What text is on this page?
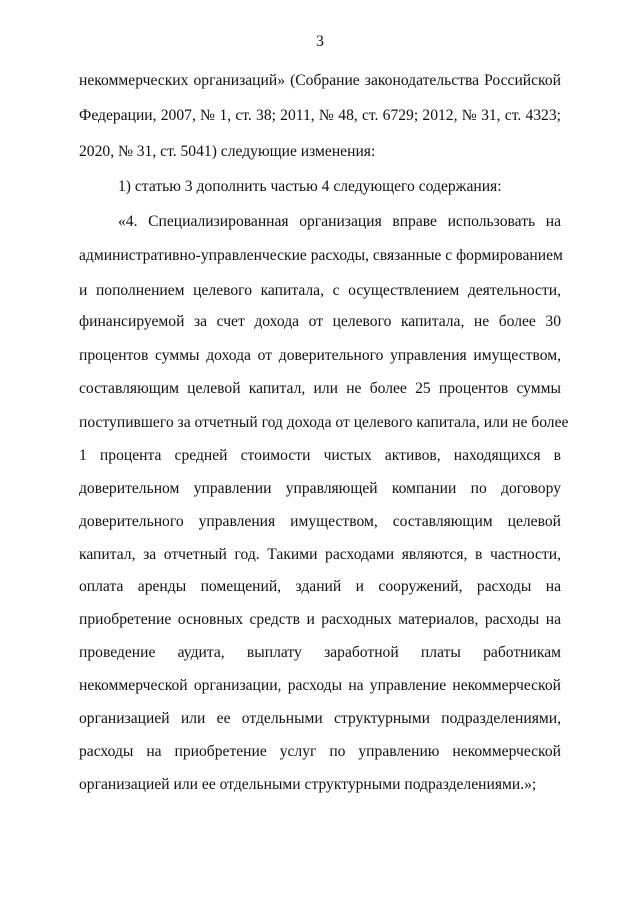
3
некоммерческих организаций» (Собрание законодательства Российской
Федерации, 2007, № 1, ст. 38; 2011, № 48, ст. 6729; 2012, № 31, ст. 4323;
2020, № 31, ст. 5041) следующие изменения:
1) статью 3 дополнить частью 4 следующего содержания:
«4. Специализированная организация вправе использовать на
административно-управленческие расходы, связанные с формированием
и пополнением целевого капитала, с осуществлением деятельности,
финансируемой за счет дохода от целевого капитала, не более 30
процентов суммы дохода от доверительного управления имуществом,
составляющим целевой капитал, или не более 25 процентов суммы
поступившего за отчетный год дохода от целевого капитала, или не более
1 процента средней стоимости чистых активов, находящихся в
доверительном управлении управляющей компании по договору
доверительного управления имуществом, составляющим целевой
капитал, за отчетный год. Такими расходами являются, в частности,
оплата аренды помещений, зданий и сооружений, расходы на
приобретение основных средств и расходных материалов, расходы на
проведение аудита, выплату заработной платы работникам
некоммерческой организации, расходы на управление некоммерческой
организацией или ее отдельными структурными подразделениями,
расходы на приобретение услуг по управлению некоммерческой
организацией или ее отдельными структурными подразделениями.»;
